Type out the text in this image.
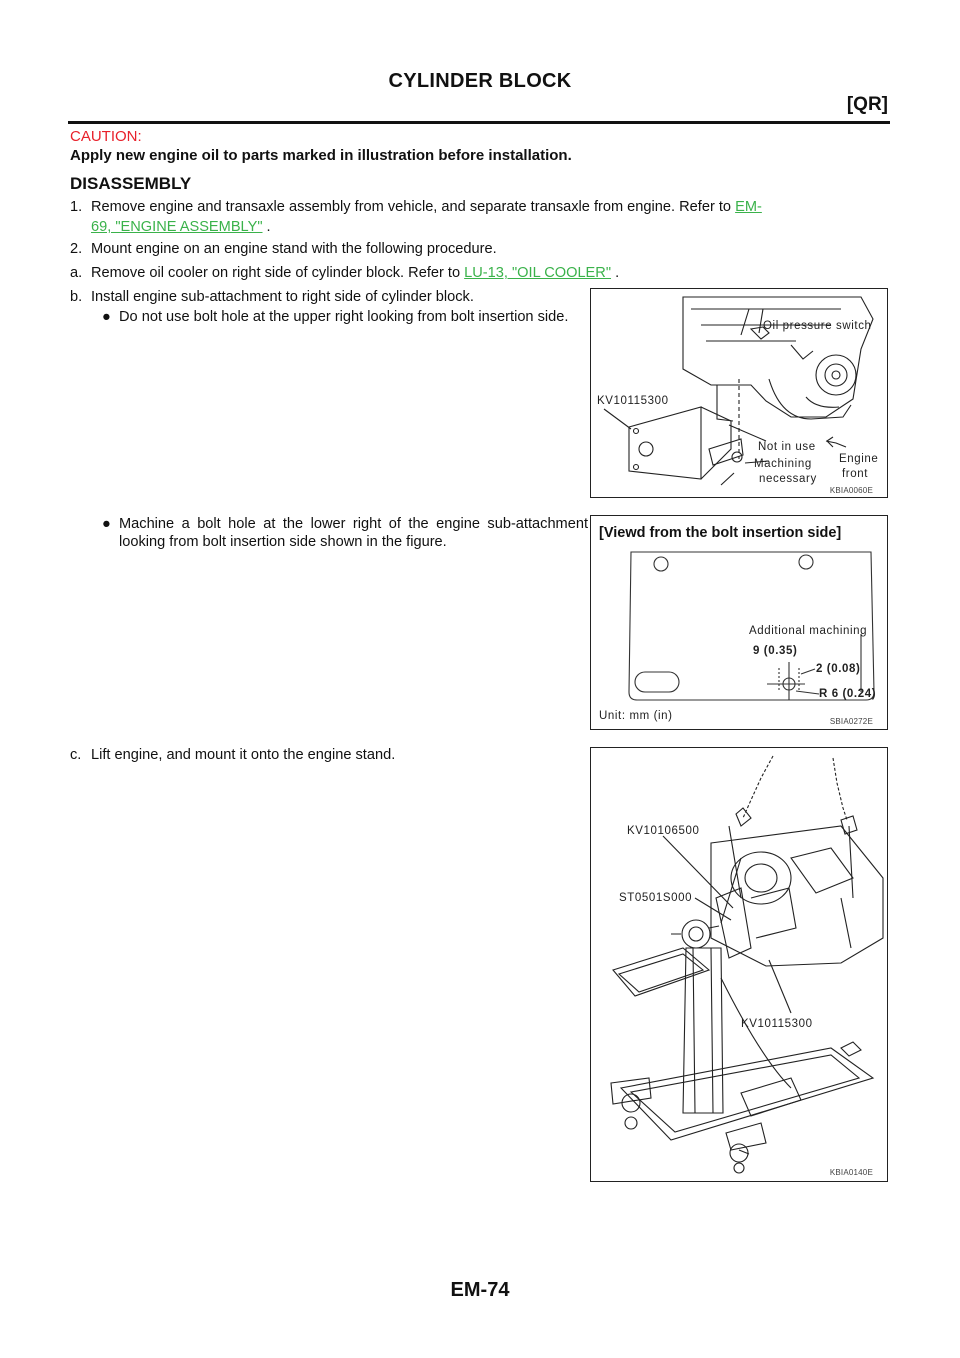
CYLINDER BLOCK
[QR]
CAUTION:
Apply new engine oil to parts marked in illustration before installation.
DISASSEMBLY
1. Remove engine and transaxle assembly from vehicle, and separate transaxle from engine. Refer to EM-
69, "ENGINE ASSEMBLY" .
2. Mount engine on an engine stand with the following procedure.
a. Remove oil cooler on right side of cylinder block. Refer to LU-13, "OIL COOLER" .
b. Install engine sub-attachment to right side of cylinder block.
● Do not use bolt hole at the upper right looking from bolt insertion side.
● Machine a bolt hole at the lower right of the engine sub-attachment looking from bolt insertion side shown in the figure.
c. Lift engine, and mount it onto the engine stand.
Oil pressure switch
KV10115300
Not in use
Machining
necessary
Engine
front
KBIA0060E
[Viewd from the bolt insertion side]
Additional machining
9 (0.35)
2 (0.08)
R 6 (0.24)
Unit: mm (in)	SBIA0272E
KV10106500
ST0501S000
KV10115300
KBIA0140E
EM-74
